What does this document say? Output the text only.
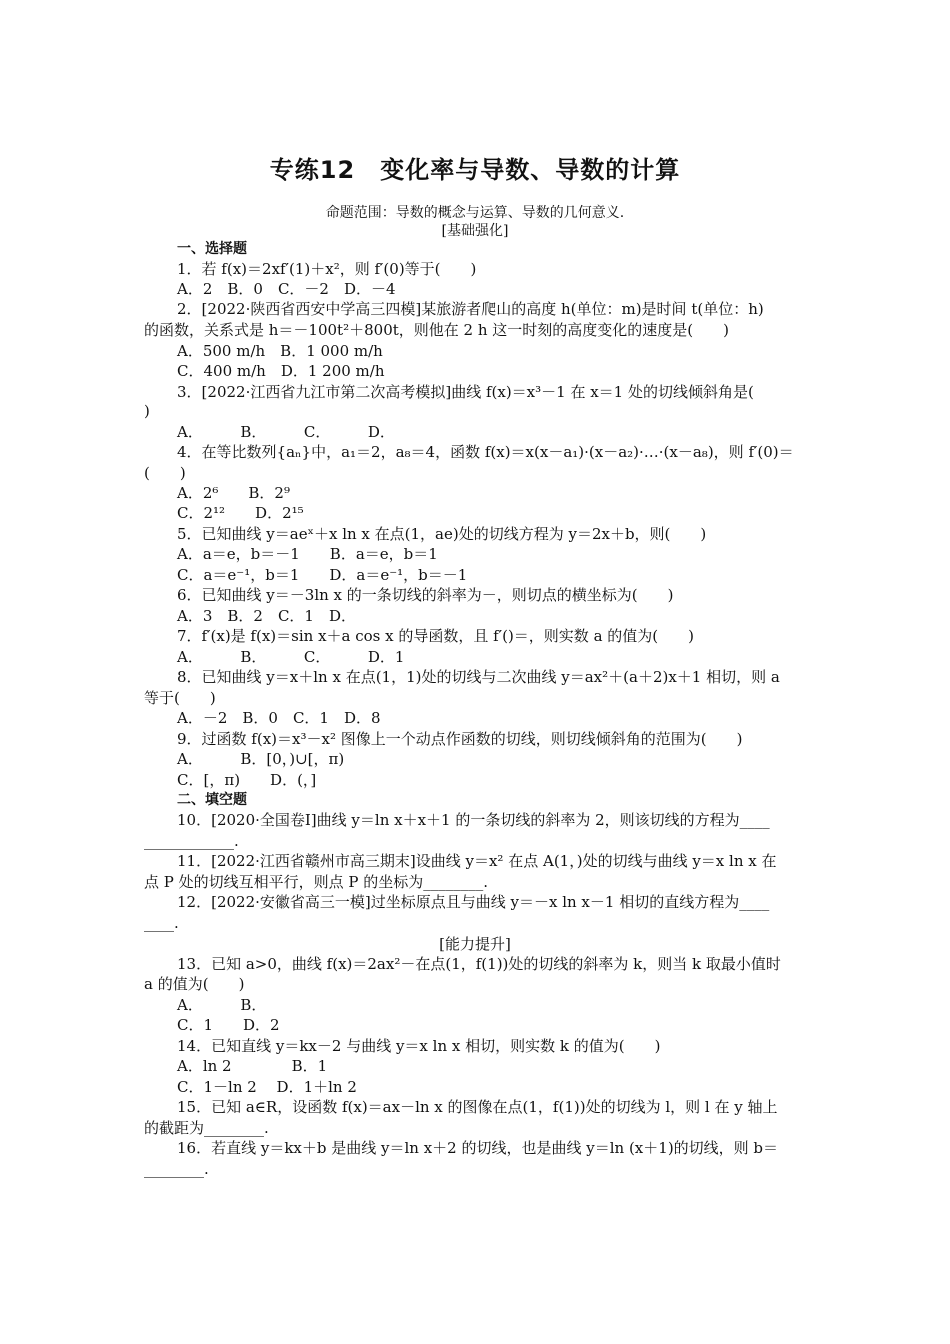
专练12　变化率与导数、导数的计算
命题范围：导数的概念与运算、导数的几何意义.
[基础强化]
一、选择题
1．若 f(x)＝2xf′(1)＋x²，则 f′(0)等于(　　)
A．2　B．0　C．－2　D．－4
2．[2022·陕西省西安中学高三四模]某旅游者爬山的高度 h(单位：m)是时间 t(单位：h)
的函数，关系式是 h＝－100t²＋800t，则他在 2 h 这一时刻的高度变化的速度是(　　)
A．500 m/h　B．1 000 m/h
C．400 m/h　D．1 200 m/h
3．[2022·江西省九江市第二次高考模拟]曲线 f(x)＝x³－1 在 x＝1 处的切线倾斜角是(
)
A．　　　B．　　　C．　　　D．
4．在等比数列{aₙ}中，a₁＝2，a₈＝4，函数 f(x)＝x(x－a₁)·(x－a₂)·…·(x－a₈)，则 f′(0)＝
(　　)
A．2⁶　　B．2⁹
C．2¹²　　D．2¹⁵
5．已知曲线 y＝aeˣ＋x ln x 在点(1，ae)处的切线方程为 y＝2x＋b，则(　　)
A．a＝e，b＝－1　　B．a＝e，b＝1
C．a＝e⁻¹，b＝1　　D．a＝e⁻¹，b＝－1
6．已知曲线 y＝－3ln x 的一条切线的斜率为－，则切点的横坐标为(　　)
A．3　B．2　C．1　D．
7．f′(x)是 f(x)＝sin x＋a cos x 的导函数，且 f′()＝，则实数 a 的值为(　　)
A．　　　B．　　　C．　　　D．1
8．已知曲线 y＝x＋ln x 在点(1，1)处的切线与二次曲线 y＝ax²＋(a＋2)x＋1 相切，则 a
等于(　　)
A．－2　B．0　C．1　D．8
9．过函数 f(x)＝x³－x² 图像上一个动点作函数的切线，则切线倾斜角的范围为(　　)
A．　　　B．[0，)∪[，π)
C．[，π)　　D．(，]
二、填空题
10．[2020·全国卷Ⅰ]曲线 y＝ln x＋x＋1 的一条切线的斜率为 2，则该切线的方程为____
____________.
11．[2022·江西省赣州市高三期末]设曲线 y＝x² 在点 A(1，)处的切线与曲线 y＝x ln x 在
点 P 处的切线互相平行，则点 P 的坐标为________.
12．[2022·安徽省高三一模]过坐标原点且与曲线 y＝－x ln x－1 相切的直线方程为____
____.
[能力提升]
13．已知 a>0，曲线 f(x)＝2ax²－在点(1，f(1))处的切线的斜率为 k，则当 k 取最小值时
a 的值为(　　)
A．　　　B．
C．1　　D．2
14．已知直线 y＝kx－2 与曲线 y＝x ln x 相切，则实数 k 的值为(　　)
A．ln 2　　　　B．1
C．1－ln 2　 D．1＋ln 2
15．已知 a∈R，设函数 f(x)＝ax－ln x 的图像在点(1，f(1))处的切线为 l，则 l 在 y 轴上
的截距为________.
16．若直线 y＝kx＋b 是曲线 y＝ln x＋2 的切线，也是曲线 y＝ln (x＋1)的切线，则 b＝
________.
